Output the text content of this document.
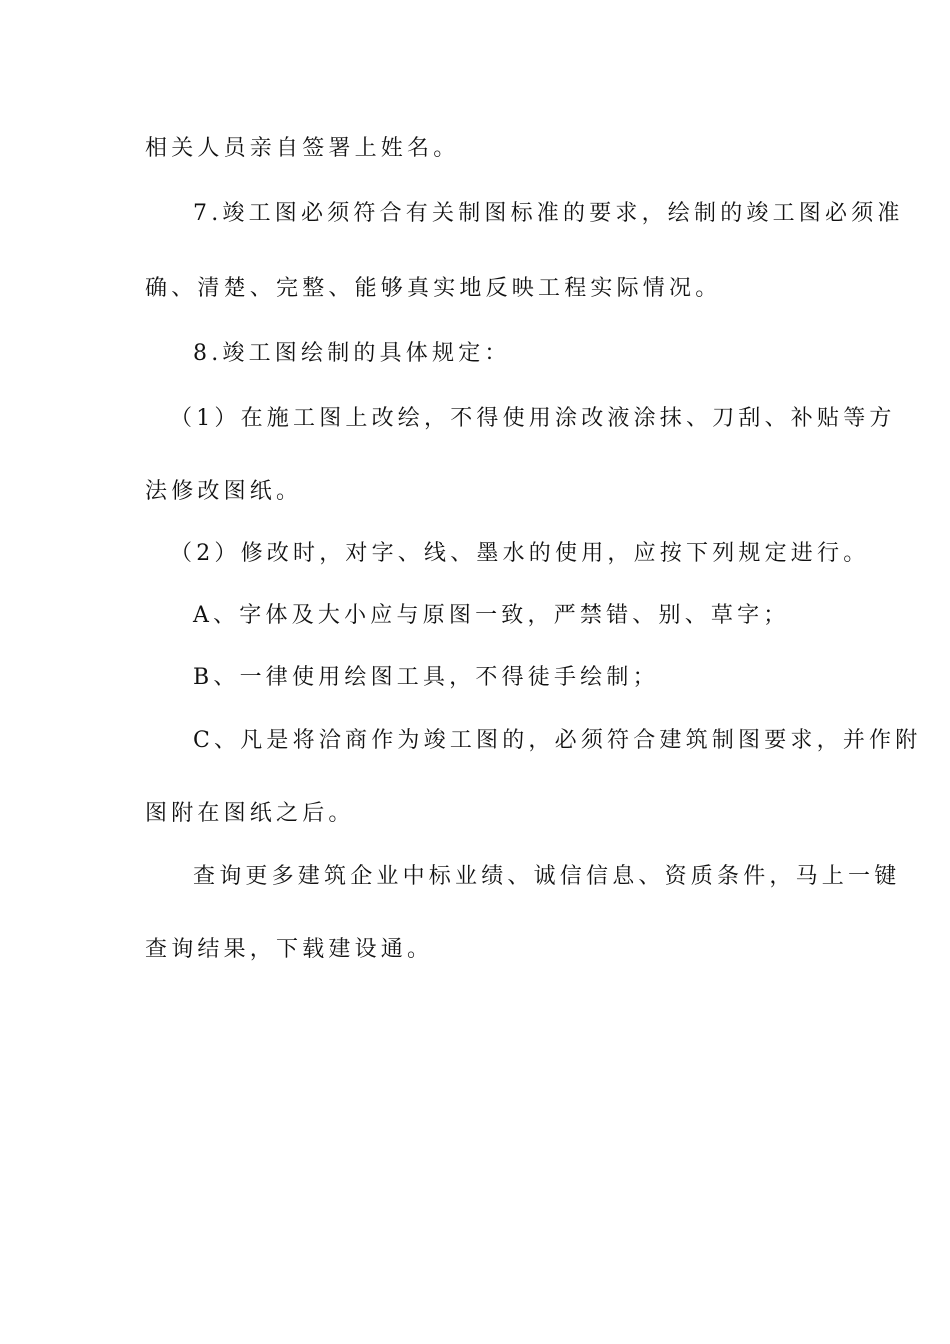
相关人员亲自签署上姓名。
7.竣工图必须符合有关制图标准的要求，绘制的竣工图必须准
确、清楚、完整、能够真实地反映工程实际情况。
8.竣工图绘制的具体规定：
（1）在施工图上改绘，不得使用涂改液涂抹、刀刮、补贴等方
法修改图纸。
（2）修改时，对字、线、墨水的使用，应按下列规定进行。
A、字体及大小应与原图一致，严禁错、别、草字；
B、一律使用绘图工具，不得徒手绘制；
C、凡是将洽商作为竣工图的，必须符合建筑制图要求，并作附
图附在图纸之后。
查询更多建筑企业中标业绩、诚信信息、资质条件，马上一键
查询结果，下载建设通。
